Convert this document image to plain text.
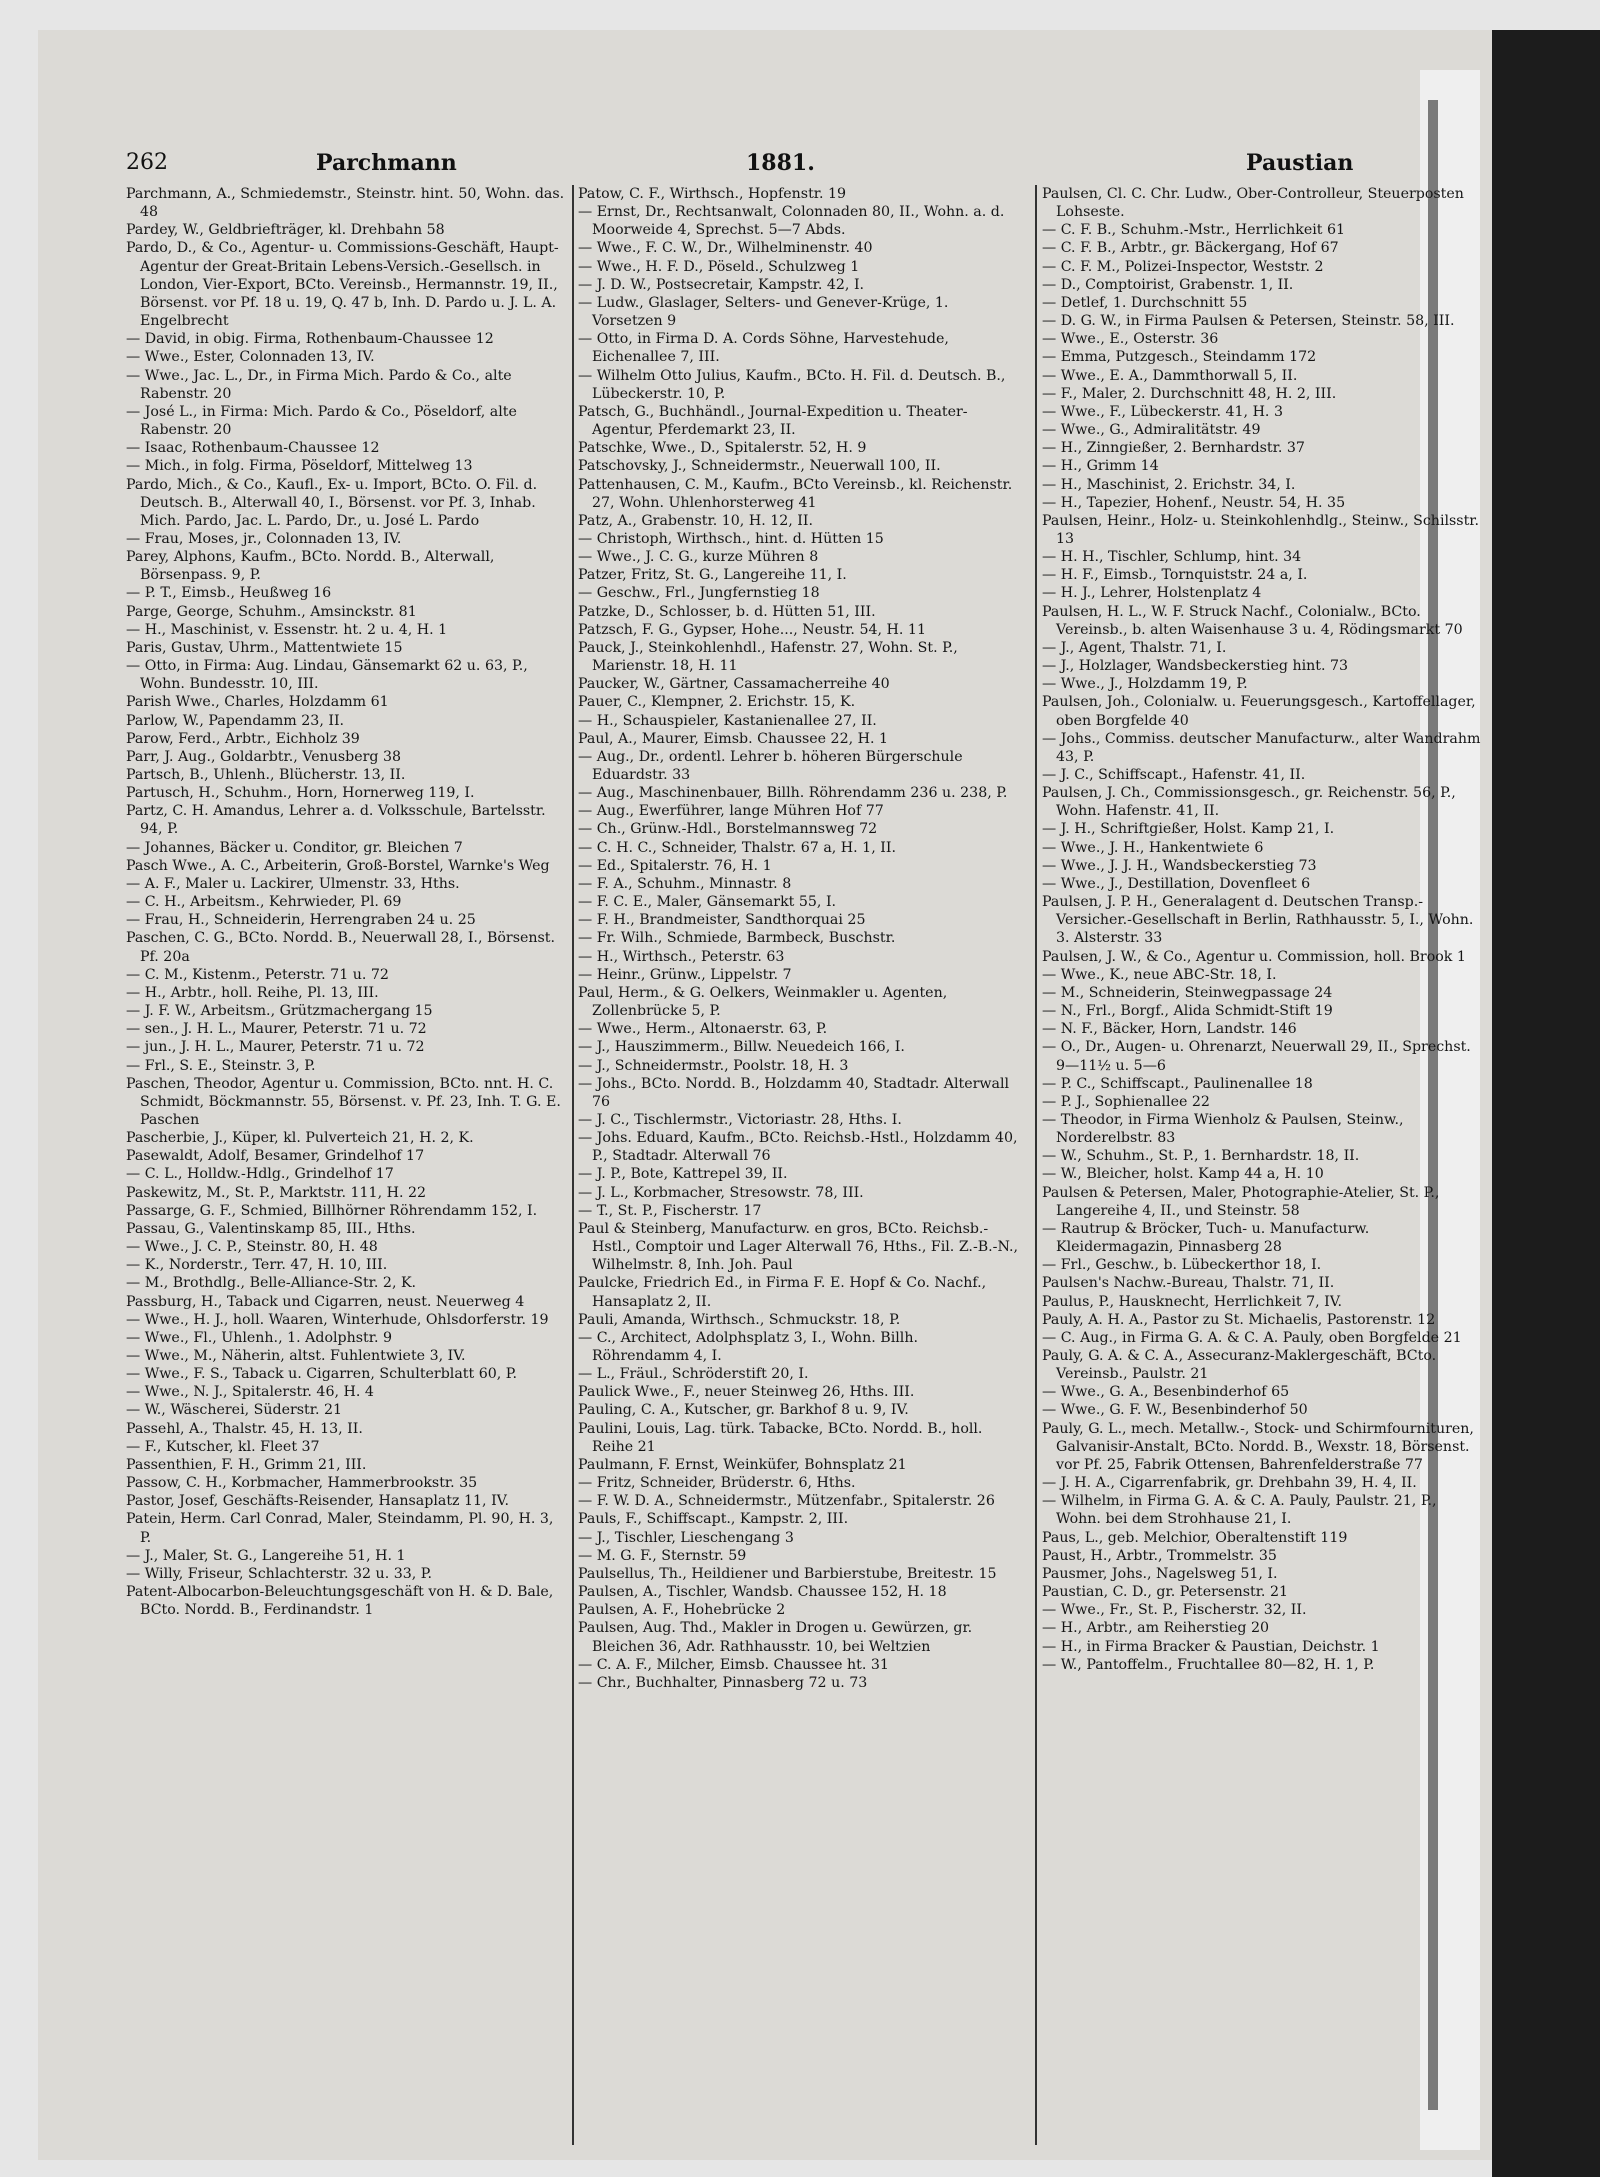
262	Parchmann	1881.	Paustian

Parchmann, A., Schmiedemstr., Steinstr. hint. 50, Wohn. das. 48

Pardey, W., Geldbriefträger, kl. Drehbahn 58

Pardo, D., & Co., Agentur- u. Commissions-Geschäft, Haupt-Agentur der Great-Britain Lebens-Versich.-Gesellsch. in London, Vier-Export, BCto. Vereinsb., Hermannstr. 19, II., Börsenst. vor Pf. 18 u. 19, Q. 47 b, Inh. D. Pardo u. J. L. A. Engelbrecht

— David, in obig. Firma, Rothenbaum-Chaussee 12

— Wwe., Ester, Colonnaden 13, IV.

— Wwe., Jac. L., Dr., in Firma Mich. Pardo & Co., alte Rabenstr. 20

— José L., in Firma: Mich. Pardo & Co., Pöseldorf, alte Rabenstr. 20

— Isaac, Rothenbaum-Chaussee 12

— Mich., in folg. Firma, Pöseldorf, Mittelweg 13

Pardo, Mich., & Co., Kaufl., Ex- u. Import, BCto. O. Fil. d. Deutsch. B., Alterwall 40, I., Börsenst. vor Pf. 3, Inhab. Mich. Pardo, Jac. L. Pardo, Dr., u. José L. Pardo

— Frau, Moses, jr., Colonnaden 13, IV.

Parey, Alphons, Kaufm., BCto. Nordd. B., Alterwall, Börsenpass. 9, P.

— P. T., Eimsb., Heußweg 16

Parge, George, Schuhm., Amsinckstr. 81

— H., Maschinist, v. Essenstr. ht. 2 u. 4, H. 1

Paris, Gustav, Uhrm., Mattentwiete 15

— Otto, in Firma: Aug. Lindau, Gänsemarkt 62 u. 63, P., Wohn. Bundesstr. 10, III.

Parish Wwe., Charles, Holzdamm 61

Parlow, W., Papendamm 23, II.

Parow, Ferd., Arbtr., Eichholz 39

Parr, J. Aug., Goldarbtr., Venusberg 38

Partsch, B., Uhlenh., Blücherstr. 13, II.

Partusch, H., Schuhm., Horn, Hornerweg 119, I.

Partz, C. H. Amandus, Lehrer a. d. Volksschule, Bartelsstr. 94, P.

— Johannes, Bäcker u. Conditor, gr. Bleichen 7

Pasch Wwe., A. C., Arbeiterin, Groß-Borstel, Warnke's Weg

— A. F., Maler u. Lackirer, Ulmenstr. 33, Hths.

— C. H., Arbeitsm., Kehrwieder, Pl. 69

— Frau, H., Schneiderin, Herrengraben 24 u. 25

Paschen, C. G., BCto. Nordd. B., Neuerwall 28, I., Börsenst. Pf. 20a

— C. M., Kistenm., Peterstr. 71 u. 72

— H., Arbtr., holl. Reihe, Pl. 13, III.

— J. F. W., Arbeitsm., Grützmachergang 15

— sen., J. H. L., Maurer, Peterstr. 71 u. 72

— jun., J. H. L., Maurer, Peterstr. 71 u. 72

— Frl., S. E., Steinstr. 3, P.

Paschen, Theodor, Agentur u. Commission, BCto. nnt. H. C. Schmidt, Böckmannstr. 55, Börsenst. v. Pf. 23, Inh. T. G. E. Paschen

Pascherbie, J., Küper, kl. Pulverteich 21, H. 2, K.

Pasewaldt, Adolf, Besamer, Grindelhof 17

— C. L., Holldw.-Hdlg., Grindelhof 17

Paskewitz, M., St. P., Marktstr. 111, H. 22

Passarge, G. F., Schmied, Billhörner Röhrendamm 152, I.

Passau, G., Valentinskamp 85, III., Hths.

— Wwe., J. C. P., Steinstr. 80, H. 48

— K., Norderstr., Terr. 47, H. 10, III.

— M., Brothdlg., Belle-Alliance-Str. 2, K.

Passburg, H., Taback und Cigarren, neust. Neuerweg 4

— Wwe., H. J., holl. Waaren, Winterhude, Ohlsdorferstr. 19

— Wwe., Fl., Uhlenh., 1. Adolphstr. 9

— Wwe., M., Näherin, altst. Fuhlentwiete 3, IV.

— Wwe., F. S., Taback u. Cigarren, Schulterblatt 60, P.

— Wwe., N. J., Spitalerstr. 46, H. 4

— W., Wäscherei, Süderstr. 21

Passehl, A., Thalstr. 45, H. 13, II.

— F., Kutscher, kl. Fleet 37

Passenthien, F. H., Grimm 21, III.

Passow, C. H., Korbmacher, Hammerbrookstr. 35

Pastor, Josef, Geschäfts-Reisender, Hansaplatz 11, IV.

Patein, Herm. Carl Conrad, Maler, Steindamm, Pl. 90, H. 3, P.

— J., Maler, St. G., Langereihe 51, H. 1

— Willy, Friseur, Schlachterstr. 32 u. 33, P.

Patent-Albocarbon-Beleuchtungsgeschäft von H. & D. Bale, BCto. Nordd. B., Ferdinandstr. 1

Patow, C. F., Wirthsch., Hopfenstr. 19

— Ernst, Dr., Rechtsanwalt, Colonnaden 80, II., Wohn. a. d. Moorweide 4, Sprechst. 5—7 Abds.

— Wwe., F. C. W., Dr., Wilhelminenstr. 40

— Wwe., H. F. D., Pöseld., Schulzweg 1

— J. D. W., Postsecretair, Kampstr. 42, I.

— Ludw., Glaslager, Selters- und Genever-Krüge, 1. Vorsetzen 9

— Otto, in Firma D. A. Cords Söhne, Harvestehude, Eichenallee 7, III.

— Wilhelm Otto Julius, Kaufm., BCto. H. Fil. d. Deutsch. B., Lübeckerstr. 10, P.

Patsch, G., Buchhändl., Journal-Expedition u. Theater-Agentur, Pferdemarkt 23, II.

Patschke, Wwe., D., Spitalerstr. 52, H. 9

Patschovsky, J., Schneidermstr., Neuerwall 100, II.

Pattenhausen, C. M., Kaufm., BCto Vereinsb., kl. Reichenstr. 27, Wohn. Uhlenhorsterweg 41

Patz, A., Grabenstr. 10, H. 12, II.

— Christoph, Wirthsch., hint. d. Hütten 15

— Wwe., J. C. G., kurze Mühren 8

Patzer, Fritz, St. G., Langereihe 11, I.

— Geschw., Frl., Jungfernstieg 18

Patzke, D., Schlosser, b. d. Hütten 51, III.

Patzsch, F. G., Gypser, Hohe..., Neustr. 54, H. 11

Pauck, J., Steinkohlenhdl., Hafenstr. 27, Wohn. St. P., Marienstr. 18, H. 11

Paucker, W., Gärtner, Cassamacherreihe 40

Pauer, C., Klempner, 2. Erichstr. 15, K.

— H., Schauspieler, Kastanienallee 27, II.

Paul, A., Maurer, Eimsb. Chaussee 22, H. 1

— Aug., Dr., ordentl. Lehrer b. höheren Bürgerschule Eduardstr. 33

— Aug., Maschinenbauer, Billh. Röhrendamm 236 u. 238, P.

— Aug., Ewerführer, lange Mühren Hof 77

— Ch., Grünw.-Hdl., Borstelmannsweg 72

— C. H. C., Schneider, Thalstr. 67 a, H. 1, II.

— Ed., Spitalerstr. 76, H. 1

— F. A., Schuhm., Minnastr. 8

— F. C. E., Maler, Gänsemarkt 55, I.

— F. H., Brandmeister, Sandthorquai 25

— Fr. Wilh., Schmiede, Barmbeck, Buschstr.

— H., Wirthsch., Peterstr. 63

— Heinr., Grünw., Lippelstr. 7

Paul, Herm., & G. Oelkers, Weinmakler u. Agenten, Zollenbrücke 5, P.

— Wwe., Herm., Altonaerstr. 63, P.

— J., Hauszimmerm., Billw. Neuedeich 166, I.

— J., Schneidermstr., Poolstr. 18, H. 3

— Johs., BCto. Nordd. B., Holzdamm 40, Stadtadr. Alterwall 76

— J. C., Tischlermstr., Victoriastr. 28, Hths. I.

— Johs. Eduard, Kaufm., BCto. Reichsb.-Hstl., Holzdamm 40, P., Stadtadr. Alterwall 76

— J. P., Bote, Kattrepel 39, II.

— J. L., Korbmacher, Stresowstr. 78, III.

— T., St. P., Fischerstr. 17

Paul & Steinberg, Manufacturw. en gros, BCto. Reichsb.-Hstl., Comptoir und Lager Alterwall 76, Hths., Fil. Z.-B.-N., Wilhelmstr. 8, Inh. Joh. Paul

Paulcke, Friedrich Ed., in Firma F. E. Hopf & Co. Nachf., Hansaplatz 2, II.

Pauli, Amanda, Wirthsch., Schmuckstr. 18, P.

— C., Architect, Adolphsplatz 3, I., Wohn. Billh. Röhrendamm 4, I.

— L., Fräul., Schröderstift 20, I.

Paulick Wwe., F., neuer Steinweg 26, Hths. III.

Pauling, C. A., Kutscher, gr. Barkhof 8 u. 9, IV.

Paulini, Louis, Lag. türk. Tabacke, BCto. Nordd. B., holl. Reihe 21

Paulmann, F. Ernst, Weinküfer, Bohnsplatz 21

— Fritz, Schneider, Brüderstr. 6, Hths.

— F. W. D. A., Schneidermstr., Mützenfabr., Spitalerstr. 26

Pauls, F., Schiffscapt., Kampstr. 2, III.

— J., Tischler, Lieschengang 3

— M. G. F., Sternstr. 59

Paulsellus, Th., Heildiener und Barbierstube, Breitestr. 15

Paulsen, A., Tischler, Wandsb. Chaussee 152, H. 18

Paulsen, A. F., Hohebrücke 2

Paulsen, Aug. Thd., Makler in Drogen u. Gewürzen, gr. Bleichen 36, Adr. Rathhausstr. 10, bei Weltzien

— C. A. F., Milcher, Eimsb. Chaussee ht. 31

— Chr., Buchhalter, Pinnasberg 72 u. 73

Paulsen, Cl. C. Chr. Ludw., Ober-Controlleur, Steuerposten Lohseste.

— C. F. B., Schuhm.-Mstr., Herrlichkeit 61

— C. F. B., Arbtr., gr. Bäckergang, Hof 67

— C. F. M., Polizei-Inspector, Weststr. 2

— D., Comptoirist, Grabenstr. 1, II.

— Detlef, 1. Durchschnitt 55

— D. G. W., in Firma Paulsen & Petersen, Steinstr. 58, III.

— Wwe., E., Osterstr. 36

— Emma, Putzgesch., Steindamm 172

— Wwe., E. A., Dammthorwall 5, II.

— F., Maler, 2. Durchschnitt 48, H. 2, III.

— Wwe., F., Lübeckerstr. 41, H. 3

— Wwe., G., Admiralitätstr. 49

— H., Zinngießer, 2. Bernhardstr. 37

— H., Grimm 14

— H., Maschinist, 2. Erichstr. 34, I.

— H., Tapezier, Hohenf., Neustr. 54, H. 35

Paulsen, Heinr., Holz- u. Steinkohlenhdlg., Steinw., Schilsstr. 13

— H. H., Tischler, Schlump, hint. 34

— H. F., Eimsb., Tornquiststr. 24 a, I.

— H. J., Lehrer, Holstenplatz 4

Paulsen, H. L., W. F. Struck Nachf., Colonialw., BCto. Vereinsb., b. alten Waisenhause 3 u. 4, Rödingsmarkt 70

— J., Agent, Thalstr. 71, I.

— J., Holzlager, Wandsbeckerstieg hint. 73

— Wwe., J., Holzdamm 19, P.

Paulsen, Joh., Colonialw. u. Feuerungsgesch., Kartoffellager, oben Borgfelde 40

— Johs., Commiss. deutscher Manufacturw., alter Wandrahm 43, P.

— J. C., Schiffscapt., Hafenstr. 41, II.

Paulsen, J. Ch., Commissionsgesch., gr. Reichenstr. 56, P., Wohn. Hafenstr. 41, II.

— J. H., Schriftgießer, Holst. Kamp 21, I.

— Wwe., J. H., Hankentwiete 6

— Wwe., J. J. H., Wandsbeckerstieg 73

— Wwe., J., Destillation, Dovenfleet 6

Paulsen, J. P. H., Generalagent d. Deutschen Transp.-Versicher.-Gesellschaft in Berlin, Rathhausstr. 5, I., Wohn. 3. Alsterstr. 33

Paulsen, J. W., & Co., Agentur u. Commission, holl. Brook 1

— Wwe., K., neue ABC-Str. 18, I.

— M., Schneiderin, Steinwegpassage 24

— N., Frl., Borgf., Alida Schmidt-Stift 19

— N. F., Bäcker, Horn, Landstr. 146

— O., Dr., Augen- u. Ohrenarzt, Neuerwall 29, II., Sprechst. 9—11½ u. 5—6

— P. C., Schiffscapt., Paulinenallee 18

— P. J., Sophienallee 22

— Theodor, in Firma Wienholz & Paulsen, Steinw., Norderelbstr. 83

— W., Schuhm., St. P., 1. Bernhardstr. 18, II.

— W., Bleicher, holst. Kamp 44 a, H. 10

Paulsen & Petersen, Maler, Photographie-Atelier, St. P., Langereihe 4, II., und Steinstr. 58

— Rautrup & Bröcker, Tuch- u. Manufacturw. Kleidermagazin, Pinnasberg 28

— Frl., Geschw., b. Lübeckerthor 18, I.

Paulsen's Nachw.-Bureau, Thalstr. 71, II.

Paulus, P., Hausknecht, Herrlichkeit 7, IV.

Pauly, A. H. A., Pastor zu St. Michaelis, Pastorenstr. 12

— C. Aug., in Firma G. A. & C. A. Pauly, oben Borgfelde 21

Pauly, G. A. & C. A., Assecuranz-Maklergeschäft, BCto. Vereinsb., Paulstr. 21

— Wwe., G. A., Besenbinderhof 65

— Wwe., G. F. W., Besenbinderhof 50

Pauly, G. L., mech. Metallw.-, Stock- und Schirmfournituren, Galvanisir-Anstalt, BCto. Nordd. B., Wexstr. 18, Börsenst. vor Pf. 25, Fabrik Ottensen, Bahrenfelderstraße 77

— J. H. A., Cigarrenfabrik, gr. Drehbahn 39, H. 4, II.

— Wilhelm, in Firma G. A. & C. A. Pauly, Paulstr. 21, P., Wohn. bei dem Strohhause 21, I.

Paus, L., geb. Melchior, Oberaltenstift 119

Paust, H., Arbtr., Trommelstr. 35

Pausmer, Johs., Nagelsweg 51, I.

Paustian, C. D., gr. Petersenstr. 21

— Wwe., Fr., St. P., Fischerstr. 32, II.

— H., Arbtr., am Reiherstieg 20

— H., in Firma Bracker & Paustian, Deichstr. 1

— W., Pantoffelm., Fruchtallee 80—82, H. 1, P.
